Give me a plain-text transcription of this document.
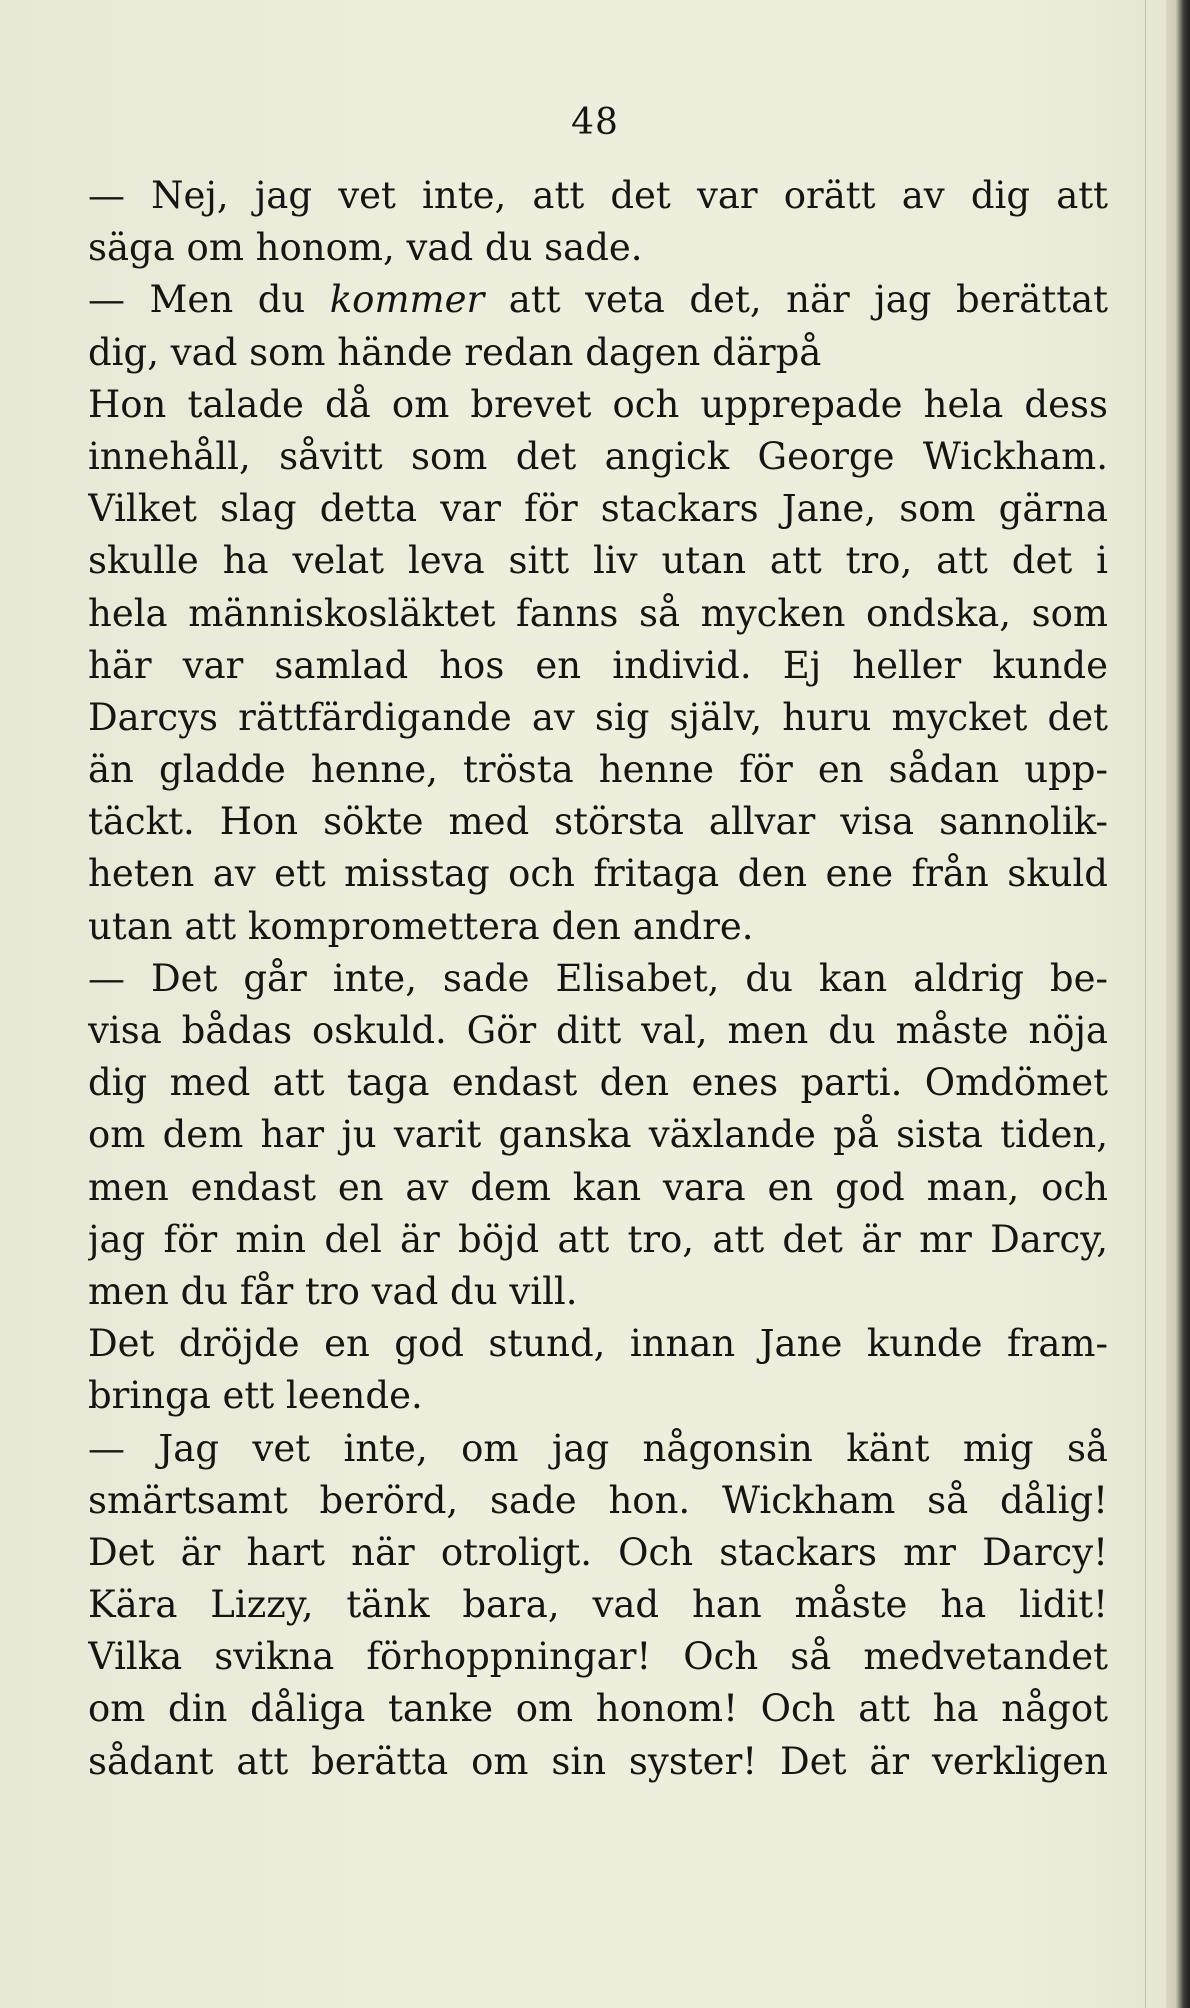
48
— Nej, jag vet inte, att det var orätt av dig att
säga om honom, vad du sade.
— Men du kommer att veta det, när jag berättat
dig, vad som hände redan dagen därpå
Hon talade då om brevet och upprepade hela dess
innehåll, såvitt som det angick George Wickham.
Vilket slag detta var för stackars Jane, som gärna
skulle ha velat leva sitt liv utan att tro, att det i
hela människosläktet fanns så mycken ondska, som
här var samlad hos en individ. Ej heller kunde
Darcys rättfärdigande av sig själv, huru mycket det
än gladde henne, trösta henne för en sådan upp-
täckt. Hon sökte med största allvar visa sannolik-
heten av ett misstag och fritaga den ene från skuld
utan att komprometterа den andre.
— Det går inte, sade Elisabet, du kan aldrig be-
visa bådas oskuld. Gör ditt val, men du måste nöja
dig med att taga endast den enes parti. Omdömet
om dem har ju varit ganska växlande på sista tiden,
men endast en av dem kan vara en god man, och
jag för min del är böjd att tro, att det är mr Darcy,
men du får tro vad du vill.
Det dröjde en god stund, innan Jane kunde fram-
bringa ett leende.
— Jag vet inte, om jag någonsin känt mig så
smärtsamt berörd, sade hon. Wickham så dålig!
Det är hart när otroligt. Och stackars mr Darcy!
Kära Lizzy, tänk bara, vad han måste ha lidit!
Vilka svikna förhoppningar! Och så medvetandet
om din dåliga tanke om honom! Och att ha något
sådant att berätta om sin syster! Det är verkligen
